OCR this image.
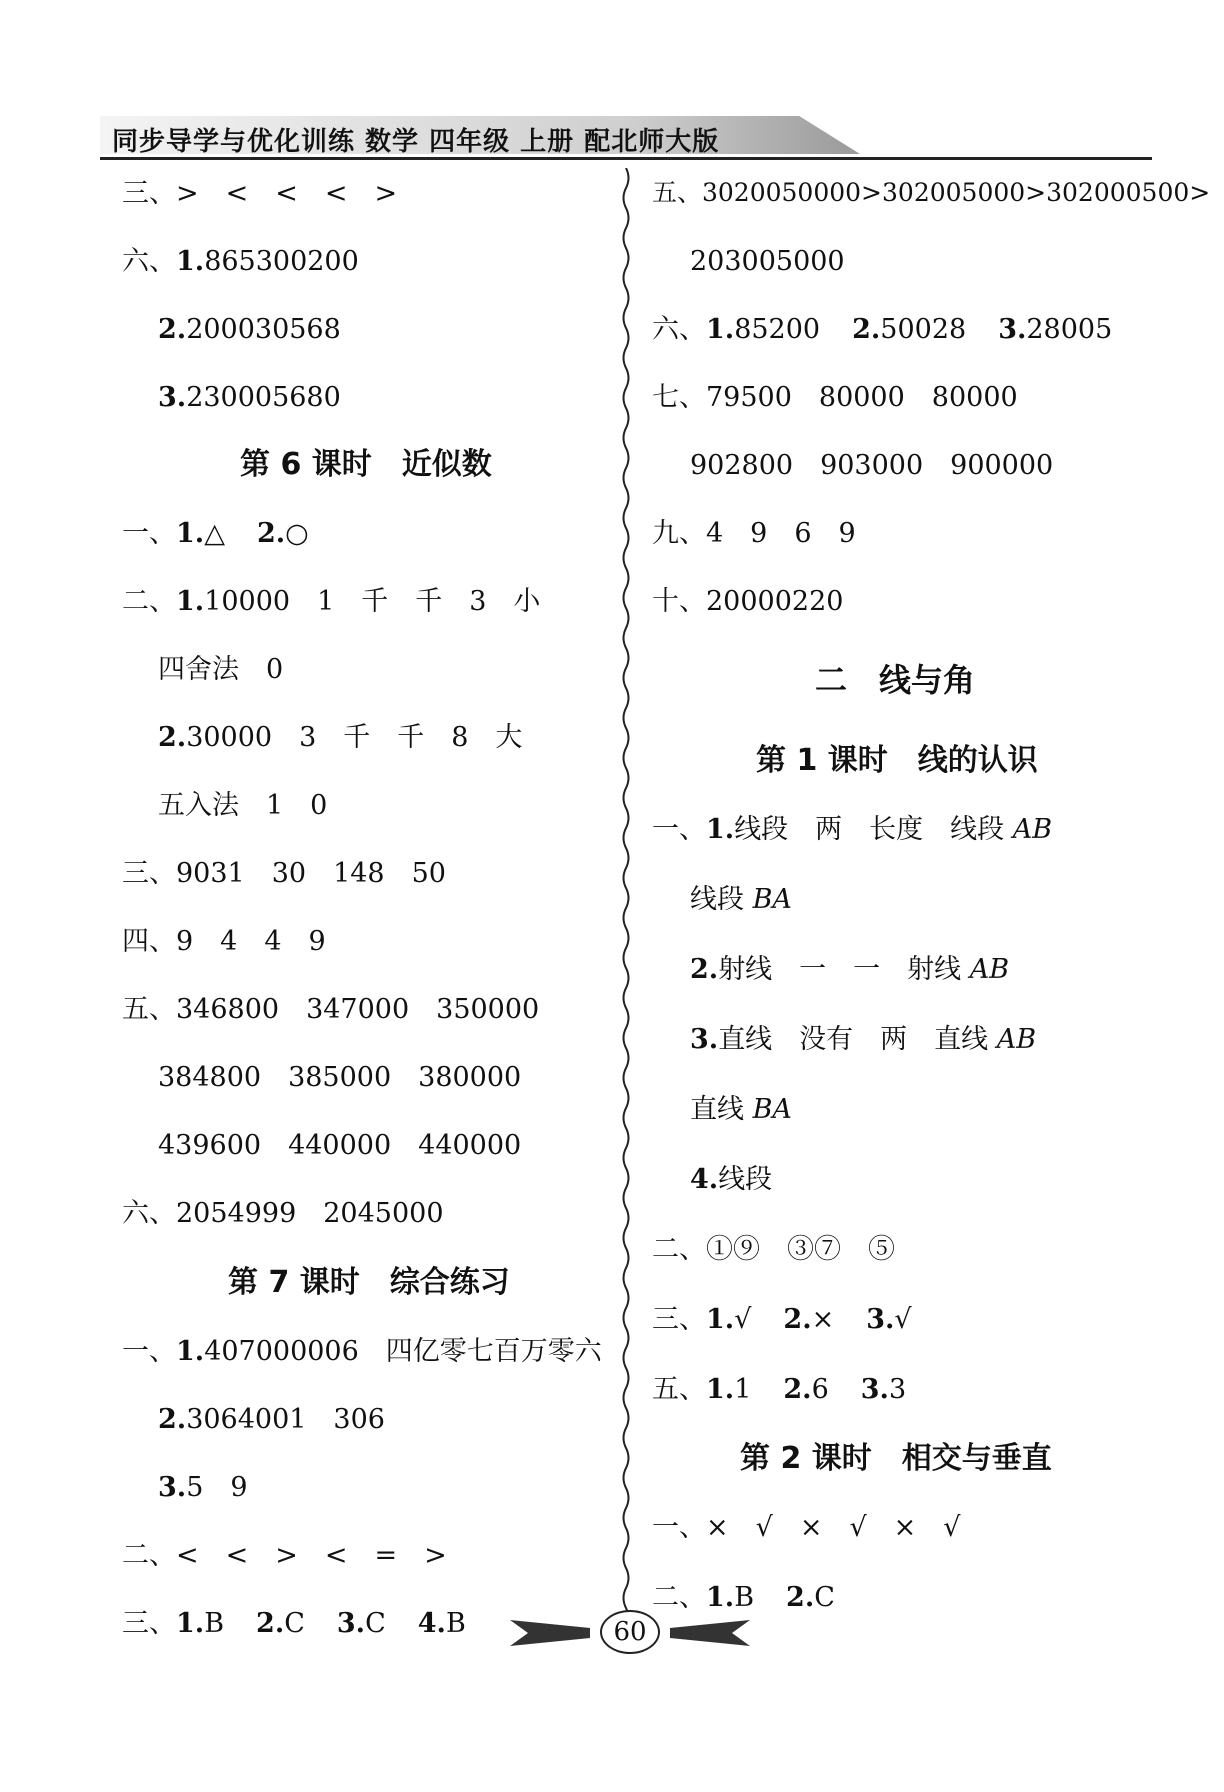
同步导学与优化训练 数学 四年级 上册 配北师大版
三、>　<　<　<　>
六、1.865300200
2.200030568
3.230005680
第 6 课时　近似数
一、1.△ 2.○
二、1.10000　1　千　千　3　小
四舍法　0
2.30000　3　千　千　8　大
五入法　1　0
三、9031　30　148　50
四、9　4　4　9
五、346800　347000　350000
384800　385000　380000
439600　440000　440000
六、2054999　2045000
第 7 课时　综合练习
一、1.407000006　四亿零七百万零六
2.3064001　306
3.5　9
二、<　<　>　<　=　>
三、1.B 2.C 3.C 4.B
五、3020050000>302005000>302000500>
203005000
六、1.85200 2.50028 3.28005
七、79500　80000　80000
902800　903000　900000
九、4　9　6　9
十、20000220
二　线与角
第 1 课时　线的认识
一、1.线段　两　长度　线段 AB
线段 BA
2.射线　一　一　射线 AB
3.直线　没有　两　直线 AB
直线 BA
4.线段
二、①⑨　③⑦　⑤
三、1.√ 2.× 3.√
五、1.1 2.6 3.3
第 2 课时　相交与垂直
一、×　√　×　√　×　√
二、1.B 2.C
60
